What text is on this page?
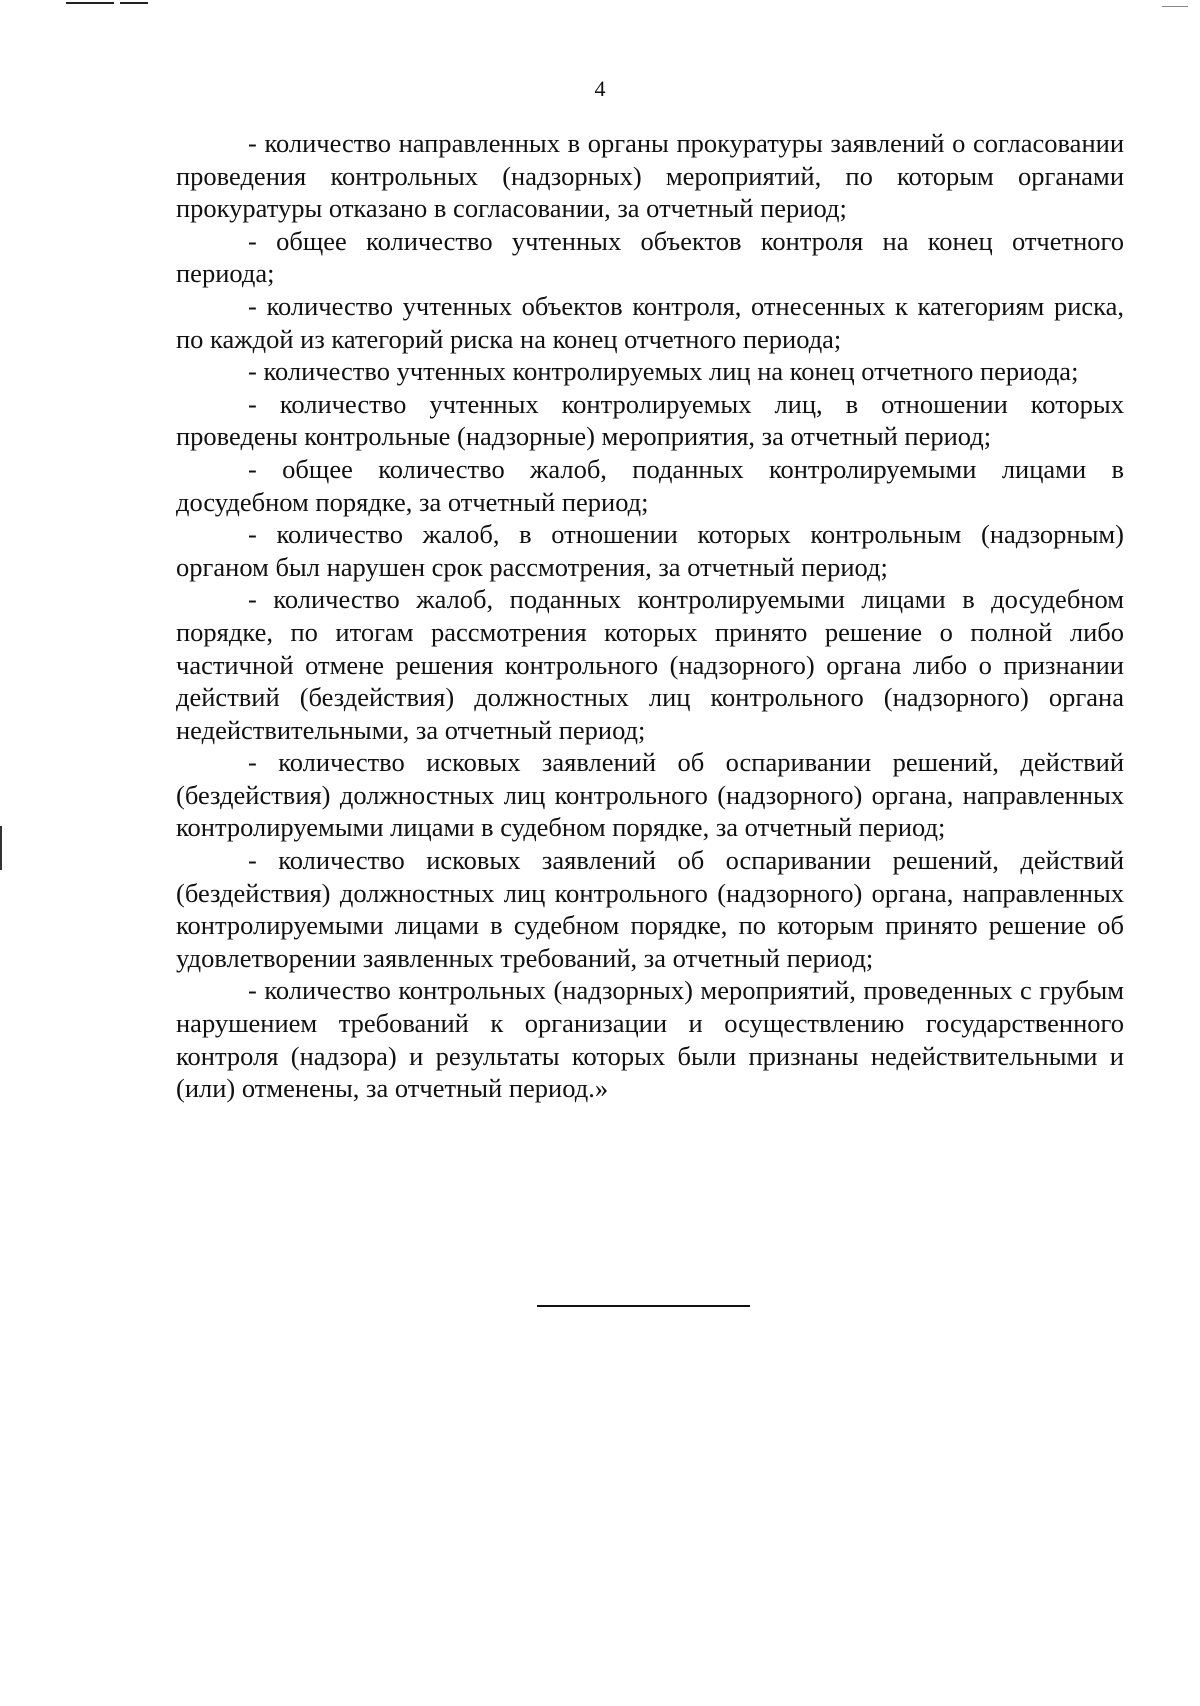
4

- количество направленных в органы прокуратуры заявлений о согласовании проведения контрольных (надзорных) мероприятий, по которым органами прокуратуры отказано в согласовании, за отчетный период;

- общее количество учтенных объектов контроля на конец отчетного периода;

- количество учтенных объектов контроля, отнесенных к категориям риска, по каждой из категорий риска на конец отчетного периода;

- количество учтенных контролируемых лиц на конец отчетного периода;

- количество учтенных контролируемых лиц, в отношении которых проведены контрольные (надзорные) мероприятия, за отчетный период;

- общее количество жалоб, поданных контролируемыми лицами в досудебном порядке, за отчетный период;

- количество жалоб, в отношении которых контрольным (надзорным) органом был нарушен срок рассмотрения, за отчетный период;

- количество жалоб, поданных контролируемыми лицами в досудебном порядке, по итогам рассмотрения которых принято решение о полной либо частичной отмене решения контрольного (надзорного) органа либо о признании действий (бездействия) должностных лиц контрольного (надзорного) органа недействительными, за отчетный период;

- количество исковых заявлений об оспаривании решений, действий (бездействия) должностных лиц контрольного (надзорного) органа, направленных контролируемыми лицами в судебном порядке, за отчетный период;

- количество исковых заявлений об оспаривании решений, действий (бездействия) должностных лиц контрольного (надзорного) органа, направленных контролируемыми лицами в судебном порядке, по которым принято решение об удовлетворении заявленных требований, за отчетный период;

- количество контрольных (надзорных) мероприятий, проведенных с грубым нарушением требований к организации и осуществлению государственного контроля (надзора) и результаты которых были признаны недействительными и (или) отменены, за отчетный период.»
